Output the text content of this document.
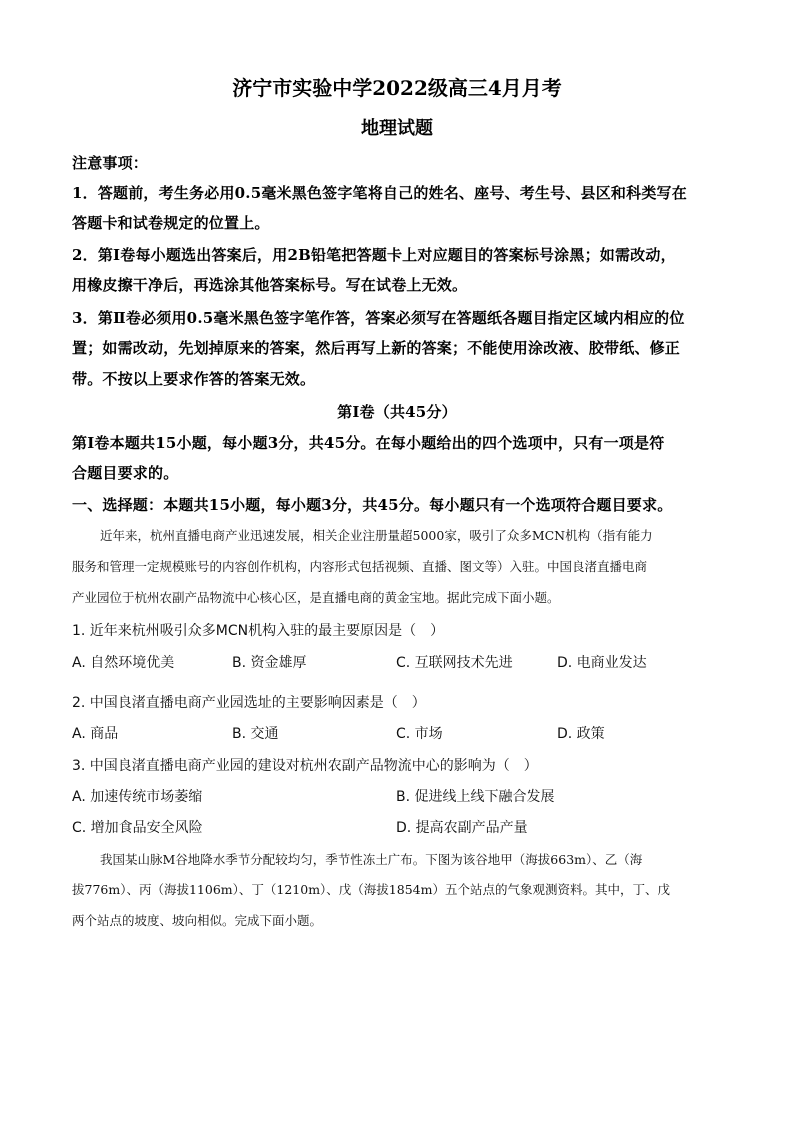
济宁市实验中学2022级高三4月月考
地理试题
注意事项：
1．答题前，考生务必用0.5毫米黑色签字笔将自己的姓名、座号、考生号、县区和科类写在
答题卡和试卷规定的位置上。
2．第Ⅰ卷每小题选出答案后，用2B铅笔把答题卡上对应题目的答案标号涂黑；如需改动，
用橡皮擦干净后，再选涂其他答案标号。写在试卷上无效。
3．第Ⅱ卷必须用0.5毫米黑色签字笔作答，答案必须写在答题纸各题目指定区域内相应的位
置；如需改动，先划掉原来的答案，然后再写上新的答案；不能使用涂改液、胶带纸、修正
带。不按以上要求作答的答案无效。
第Ⅰ卷（共45分）
第Ⅰ卷本题共15小题，每小题3分，共45分。在每小题给出的四个选项中，只有一项是符
合题目要求的。
一、选择题：本题共15小题，每小题3分，共45分。每小题只有一个选项符合题目要求。
近年来，杭州直播电商产业迅速发展，相关企业注册量超5000家，吸引了众多MCN机构（指有能力
服务和管理一定规模账号的内容创作机构，内容形式包括视频、直播、图文等）入驻。中国良渚直播电商
产业园位于杭州农副产品物流中心核心区，是直播电商的黄金宝地。据此完成下面小题。
1. 近年来杭州吸引众多MCN机构入驻的最主要原因是（　）
A. 自然环境优美	B. 资金雄厚	C. 互联网技术先进	D. 电商业发达
2. 中国良渚直播电商产业园选址的主要影响因素是（　）
A. 商品	B. 交通	C. 市场	D. 政策
3. 中国良渚直播电商产业园的建设对杭州农副产品物流中心的影响为（　）
A. 加速传统市场萎缩	B. 促进线上线下融合发展
C. 增加食品安全风险	D. 提高农副产品产量
我国某山脉M谷地降水季节分配较均匀，季节性冻土广布。下图为该谷地甲（海拔663m）、乙（海
拔776m）、丙（海拔1106m）、丁（1210m）、戊（海拔1854m）五个站点的气象观测资料。其中，丁、戊
两个站点的坡度、坡向相似。完成下面小题。
